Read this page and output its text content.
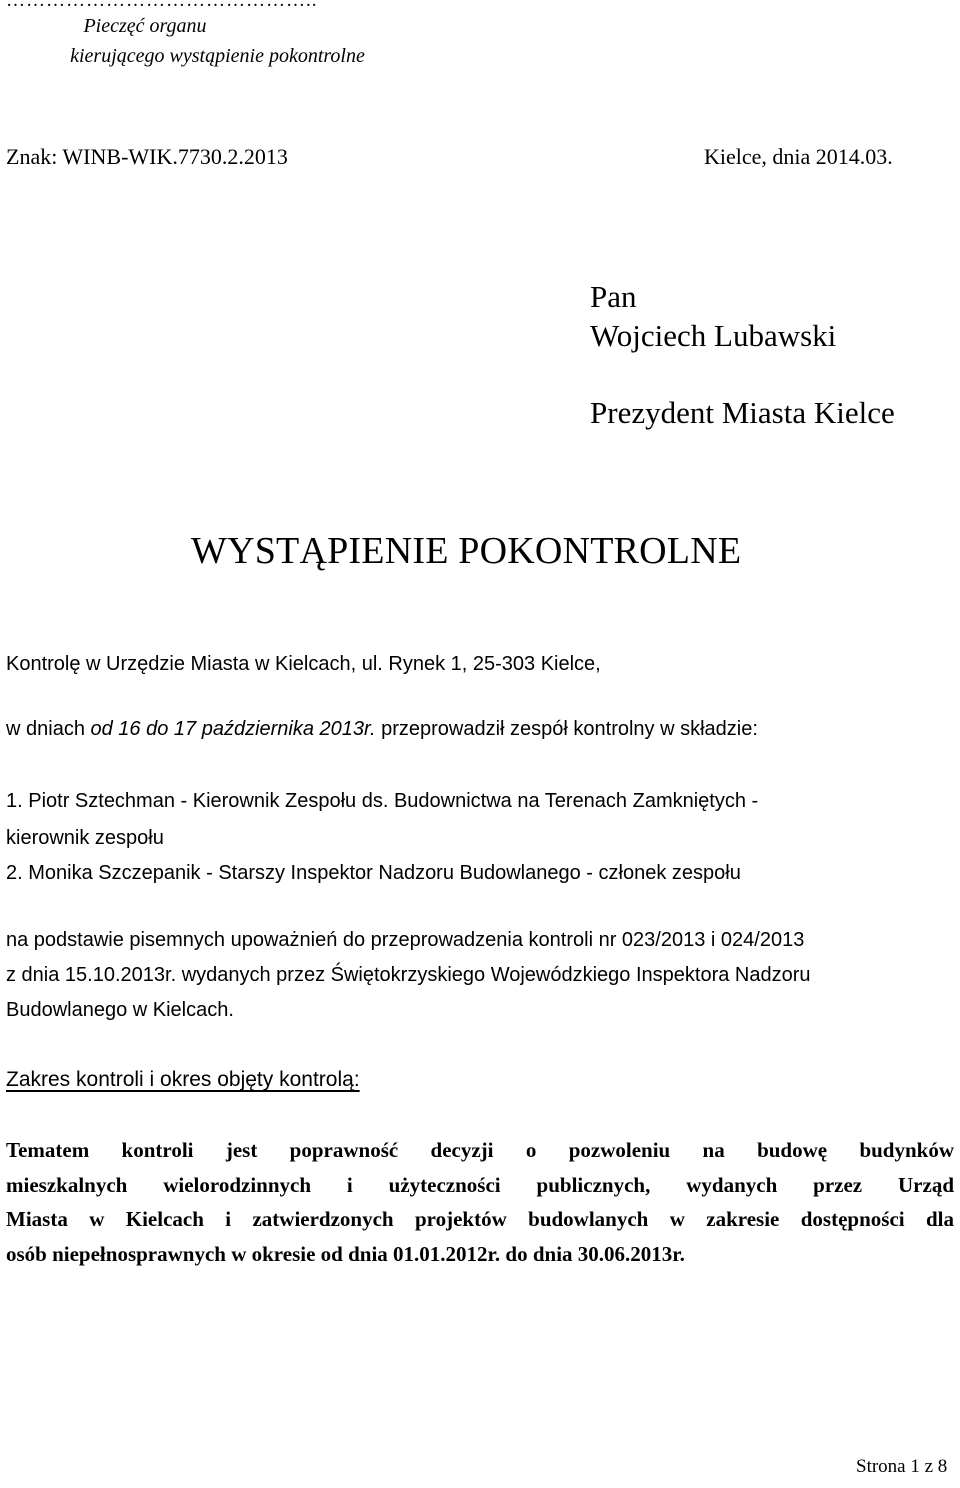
………………………………………..
Pieczęć organu
kierującego wystąpienie pokontrolne
Znak: WINB-WIK.7730.2.2013	Kielce, dnia 2014.03.
Pan
Wojciech Lubawski
Prezydent Miasta Kielce
WYSTĄPIENIE POKONTROLNE
Kontrolę w Urzędzie Miasta w Kielcach, ul. Rynek 1, 25-303 Kielce,
w dniach od 16 do 17 października 2013r. przeprowadził zespół kontrolny w składzie:
1. Piotr Sztechman - Kierownik Zespołu ds. Budownictwa na Terenach Zamkniętych -
kierownik zespołu
2. Monika Szczepanik - Starszy Inspektor Nadzoru Budowlanego - członek zespołu
na podstawie pisemnych upoważnień do przeprowadzenia kontroli nr 023/2013 i 024/2013
z dnia 15.10.2013r. wydanych przez Świętokrzyskiego Wojewódzkiego Inspektora Nadzoru
Budowlanego w Kielcach.
Zakres kontroli i okres objęty kontrolą:
Tematem kontroli jest poprawność decyzji o pozwoleniu na budowę budynków
mieszkalnych wielorodzinnych i użyteczności publicznych, wydanych przez Urząd
Miasta w Kielcach i zatwierdzonych projektów budowlanych w zakresie dostępności dla
osób niepełnosprawnych w okresie od dnia 01.01.2012r. do dnia 30.06.2013r.
Strona 1 z 8
